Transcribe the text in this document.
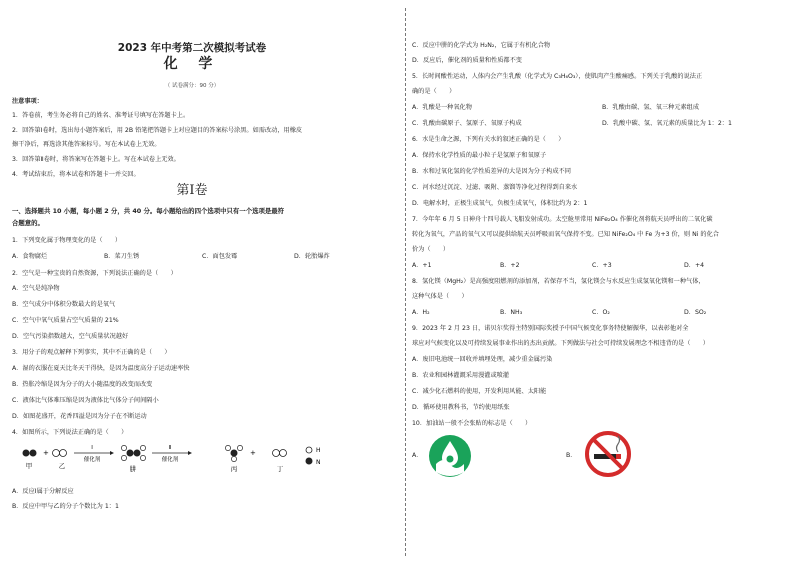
2023 年中考第二次模拟考试卷
化 学
（ 试卷满分：90 分）
注意事项：
1．答卷前，考生务必将自己的姓名、准考证号填写在答题卡上。
2．回答第Ⅰ卷时，选出每小题答案后，用 2B 铅笔把答题卡上对应题目的答案标号涂黑。如需改动，用橡皮
擦干净后，再选涂其他答案标号。写在本试卷上无效。
3．回答第Ⅱ卷时，将答案写在答题卡上。写在本试卷上无效。
4．考试结束后，将本试卷和答题卡一并交回。
第Ⅰ卷
一、选择题共 10 小题，每小题 2 分，共 40 分。每小题给出的四个选项中只有一个选项是最符
合题意的。
1．下列变化属于物理变化的是（　　）
A．食物腐烂	B．菜刀生锈	C．面包发霉	D．轮胎爆炸
2．空气是一种宝贵的自然资源，下列说法正确的是（　　）
A．空气是纯净物
B．空气成分中体积分数最大的是氧气
C．空气中氧气质量占空气质量的 21%
D．空气污染指数越大，空气质量状况越好
3．用分子的观点解释下列事实，其中不正确的是（　　）
A．湿的衣服在夏天比冬天干得快，是因为温度高分子运动速率快
B．热胀冷缩是因为分子的大小随温度的改变而改变
C．液体比气体难压缩是因为液体比气体分子间间隔小
D．如图花盛开，花香四溢是因为分子在不断运动
4．如图所示，下列说法正确的是（　　）
甲
+
乙
Ⅰ
催化剂
肼
Ⅱ
催化剂
丙
+
丁
H
N
A．反应Ⅰ属于分解反应
B．反应中甲与乙的分子个数比为 1：1
C．反应中肼的化学式为 H₂N₂，它属于有机化合物
D．反应后，催化剂的质量和性质都不变
5．长时间酸性运动，人体内会产生乳酸（化学式为 C₃H₆O₃），使肌肉产生酸痛感。下列关于乳酸的说法正
确的是（　　）
A．乳酸是一种氧化物	B．乳酸由碳、氢、氧三种元素组成
C．乳酸由碳原子、氢原子、氧原子构成	D．乳酸中碳、氢、氧元素的质量比为 1：2：1
6．水是生命之源，下列有关水的叙述正确的是（　　）
A．保持水化学性质的最小粒子是氢原子和氧原子
B．水和过氧化氢的化学性质差异的大是因为分子构成不同
C．河水经过沉淀、过滤、吸附、蒸馏等净化过程得到自来水
D．电解水时，正极生成氧气，负极生成氧气，体积比约为 2：1
7．今年年 6 月 5 日神舟十四号载人飞船发射成功。太空舱里常用 NiFe₂O₄ 作催化剂将航天员呼出的二氧化碳
转化为氧气，产品的氧气又可以提供给航天员呼吸而氧气保持不变。已知 NiFe₂O₄ 中 Fe 为+3 价，则 Ni 的化合
价为（　　）
A．+1	B．+2	C．+3	D．+4
8．氢化镁（MgH₂）是高强度阻燃剂的添加剂，若保存不当，氢化镁会与水反应生成氢氧化镁和一种气体，
这种气体是（　　）
A．H₂	B．NH₃	C．O₂	D．SO₂
9．2023 年 2 月 23 日，诺贝尔奖得主特别国际奖授予中国气候变化事务特使解振华，以表彰他对全
球应对气候变化以及可持续发展事业作出的杰出贡献。下列做法与社会可持续发展理念不相违背的是（　　）
A．废旧电池统一回收并填埋处理，减少重金属污染
B．农业和园林灌溉采用漫灌或喷灌
C．减少化石燃料的使用，开发利用风能、太阳能
D．循环使用教科书，节约使用纸张
10．加油站一般不会张贴的标志是（　　）
A．	B．
